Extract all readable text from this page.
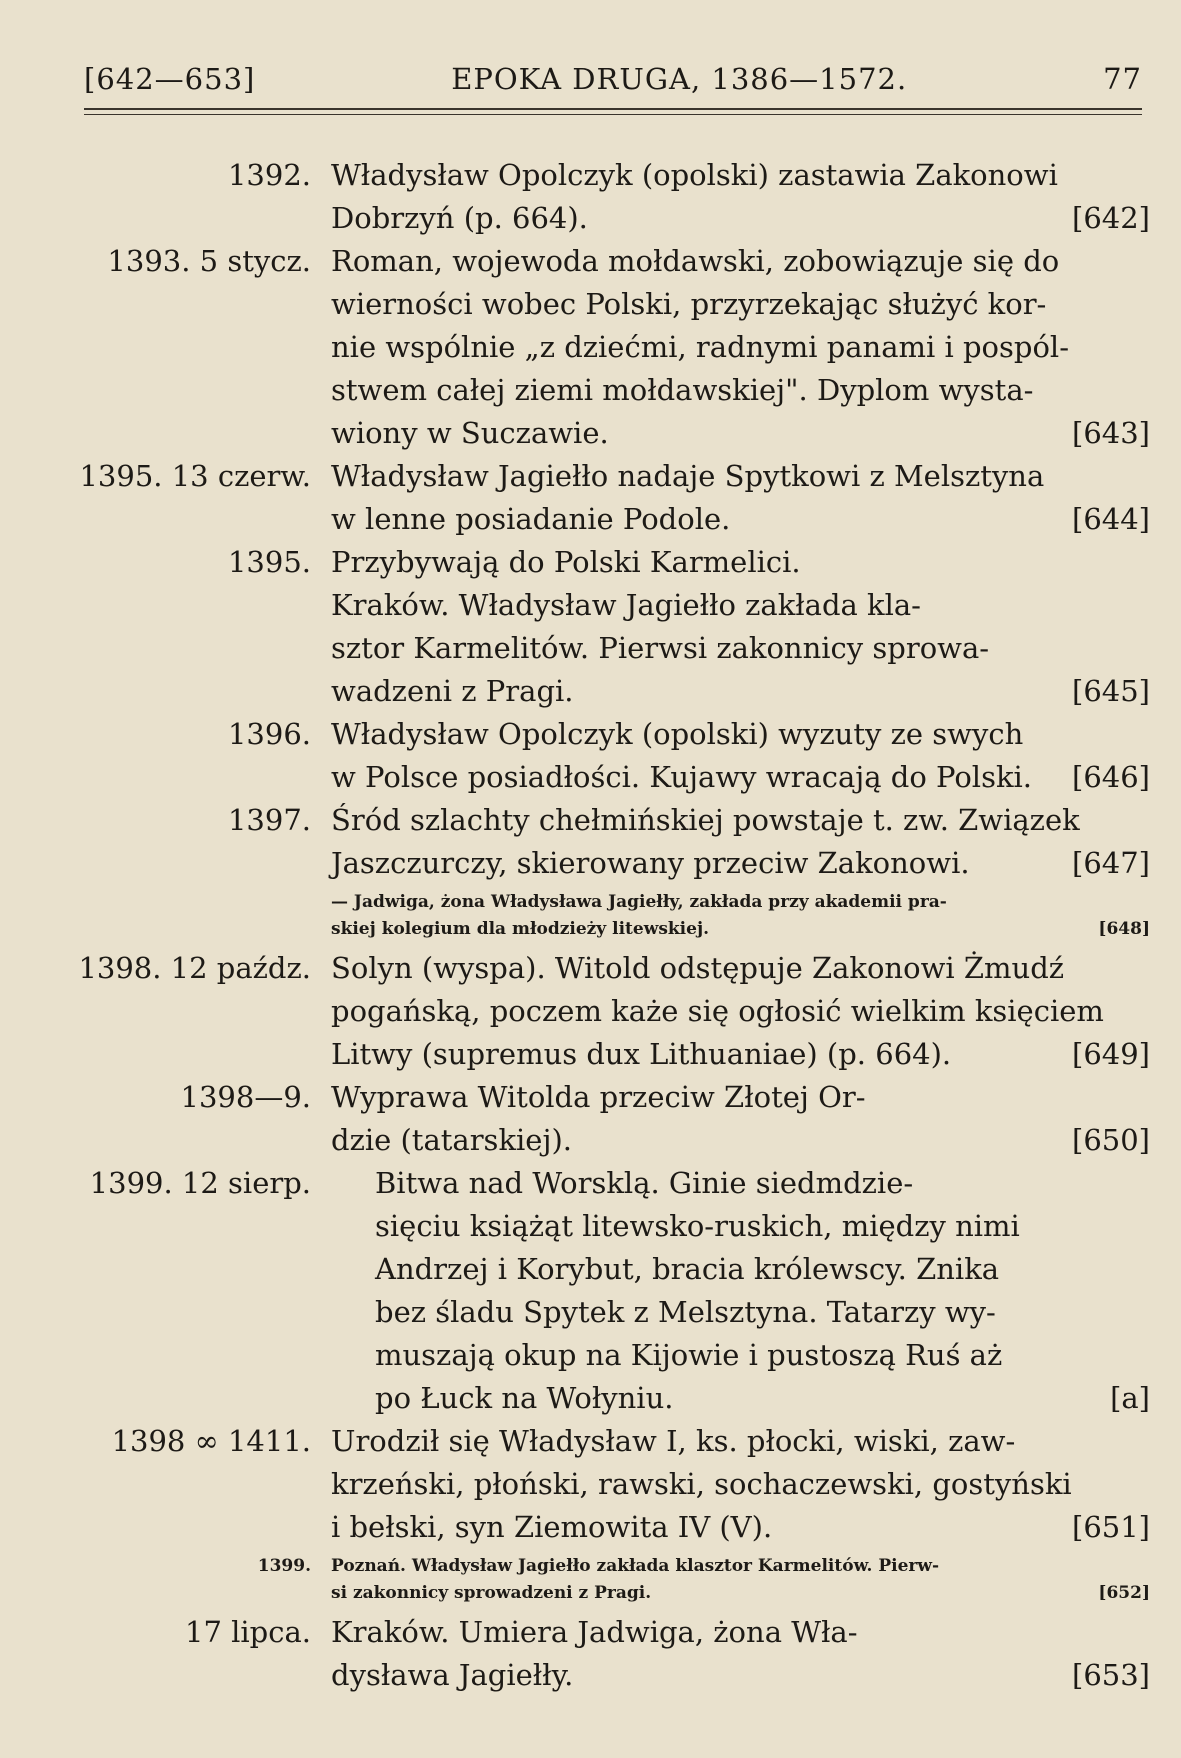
[642—653]	EPOKA DRUGA, 1386—1572.	77
1392. Władysław Opolczyk (opolski) zastawia Zakonowi
Dobrzyń (p. 664).	[642]
1393. 5 stycz. Roman, wojewoda mołdawski, zobowiązuje się do
wierności wobec Polski, przyrzekając służyć kor-
nie wspólnie „z dziećmi, radnymi panami i pospól-
stwem całej ziemi mołdawskiej". Dyplom wysta-
wiony w Suczawie.	[643]
1395. 13 czerw. Władysław Jagiełło nadaje Spytkowi z Melsztyna
w lenne posiadanie Podole.	[644]
1395. Przybywają do Polski Karmelici.
Kraków. Władysław Jagiełło zakłada kla-
sztor Karmelitów. Pierwsi zakonnicy sprowa-
wadzeni z Pragi.	[645]
1396. Władysław Opolczyk (opolski) wyzuty ze swych
w Polsce posiadłości. Kujawy wracają do Polski. [646]
1397. Śród szlachty chełmińskiej powstaje t. zw. Związek
Jaszczurczy, skierowany przeciw Zakonowi.	[647]
— Jadwiga, żona Władysława Jagiełły, zakłada przy akademii pra-
skiej kolegium dla młodzieży litewskiej.	[648]
1398. 12 paźdz. Solyn (wyspa). Witold odstępuje Zakonowi Żmudź
pogańską, poczem każe się ogłosić wielkim księciem
Litwy (supremus dux Lithuaniae) (p. 664).	[649]
1398—9. Wyprawa Witolda przeciw Złotej Or-
dzie (tatarskiej).	[650]
1399. 12 sierp.	Bitwa nad Worsklą. Ginie siedmdzie-
sięciu książąt litewsko-ruskich, między nimi
Andrzej i Korybut, bracia królewscy. Znika
bez śladu Spytek z Melsztyna. Tatarzy wy-
muszają okup na Kijowie i pustoszą Ruś aż
po Łuck na Wołyniu.	[a]
1398 ∞ 1411. Urodził się Władysław I, ks. płocki, wiski, zaw-
krzeński, płoński, rawski, sochaczewski, gostyński
i bełski, syn Ziemowita IV (V).	[651]
1399.	Poznań. Władysław Jagiełło zakłada klasztor Karmelitów. Pierw-
si zakonnicy sprowadzeni z Pragi.	[652]
17 lipca. Kraków. Umiera Jadwiga, żona Wła-
dysława Jagiełły.	[653]
